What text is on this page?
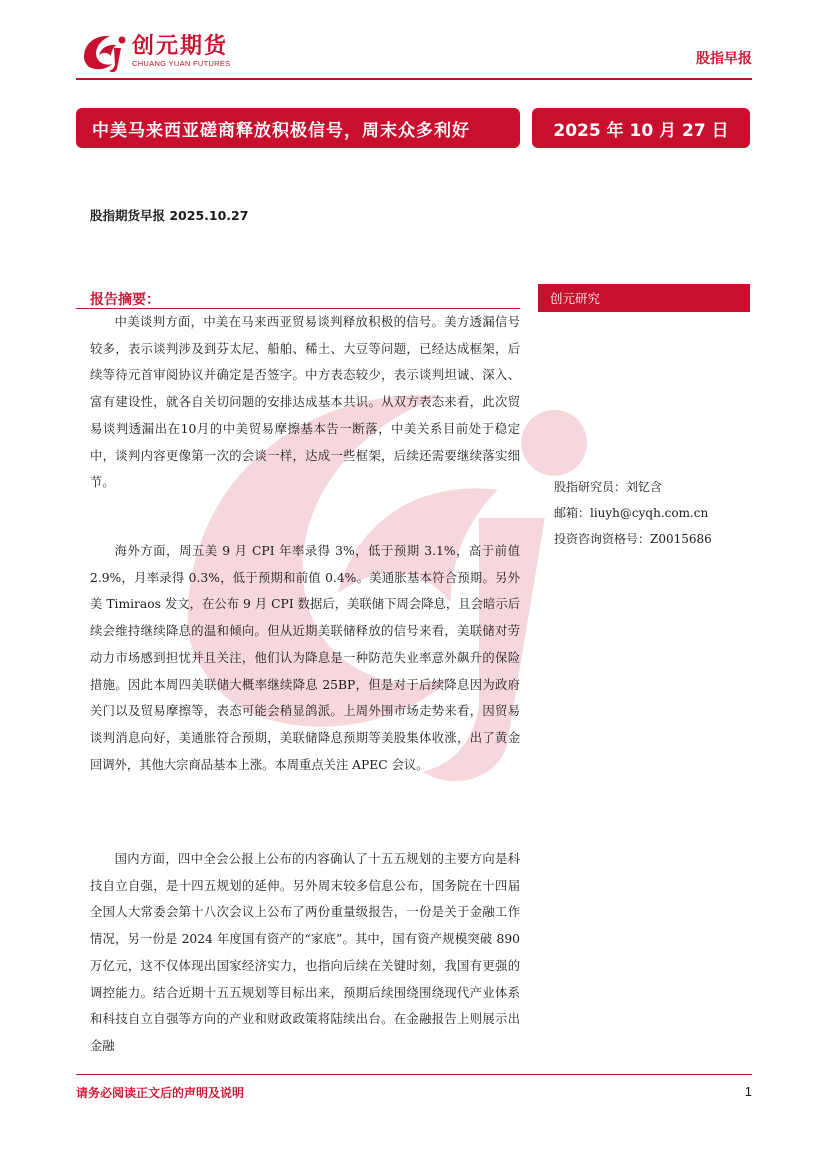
创元期货
CHUANG YUAN FUTURES	股指早报
中美马来西亚磋商释放积极信号，周末众多利好	2025 年 10 月 27 日
股指期货早报 2025.10.27
报告摘要：

中美谈判方面，中美在马来西亚贸易谈判释放积极的信号。美方透漏信号较多，表示谈判涉及到芬太尼、船舶、稀土、大豆等问题，已经达成框架，后续等待元首审阅协议并确定是否签字。中方表态较少，表示谈判坦诚、深入、富有建设性，就各自关切问题的安排达成基本共识。从双方表态来看，此次贸易谈判透漏出在10月的中美贸易摩擦基本告一断落，中美关系目前处于稳定中，谈判内容更像第一次的会谈一样，达成一些框架，后续还需要继续落实细节。

海外方面，周五美 9 月 CPI 年率录得 3%，低于预期 3.1%，高于前值 2.9%，月率录得 0.3%，低于预期和前值 0.4%。美通胀基本符合预期。另外美 Timiraos 发文，在公布 9 月 CPI 数据后，美联储下周会降息，且会暗示后续会维持继续降息的温和倾向。但从近期美联储释放的信号来看，美联储对劳动力市场感到担忧并且关注，他们认为降息是一种防范失业率意外飙升的保险措施。因此本周四美联储大概率继续降息 25BP，但是对于后续降息因为政府关门以及贸易摩擦等，表态可能会稍显鸽派。上周外围市场走势来看，因贸易谈判消息向好，美通胀符合预期，美联储降息预期等美股集体收涨，出了黄金回调外，其他大宗商品基本上涨。本周重点关注 APEC 会议。

国内方面，四中全会公报上公布的内容确认了十五五规划的主要方向是科技自立自强，是十四五规划的延伸。另外周末较多信息公布，国务院在十四届全国人大常委会第十八次会议上公布了两份重量级报告，一份是关于金融工作情况，另一份是 2024 年度国有资产的“家底”。其中，国有资产规模突破 890 万亿元，这不仅体现出国家经济实力，也指向后续在关键时刻，我国有更强的调控能力。结合近期十五五规划等目标出来，预期后续围绕围绕现代产业体系和科技自立自强等方向的产业和财政政策将陆续出台。在金融报告上则展示出金融

创元研究
股指研究员：刘钇含
邮箱：liuyh@cyqh.com.cn
投资咨询资格号：Z0015686
请务必阅读正文后的声明及说明	1
